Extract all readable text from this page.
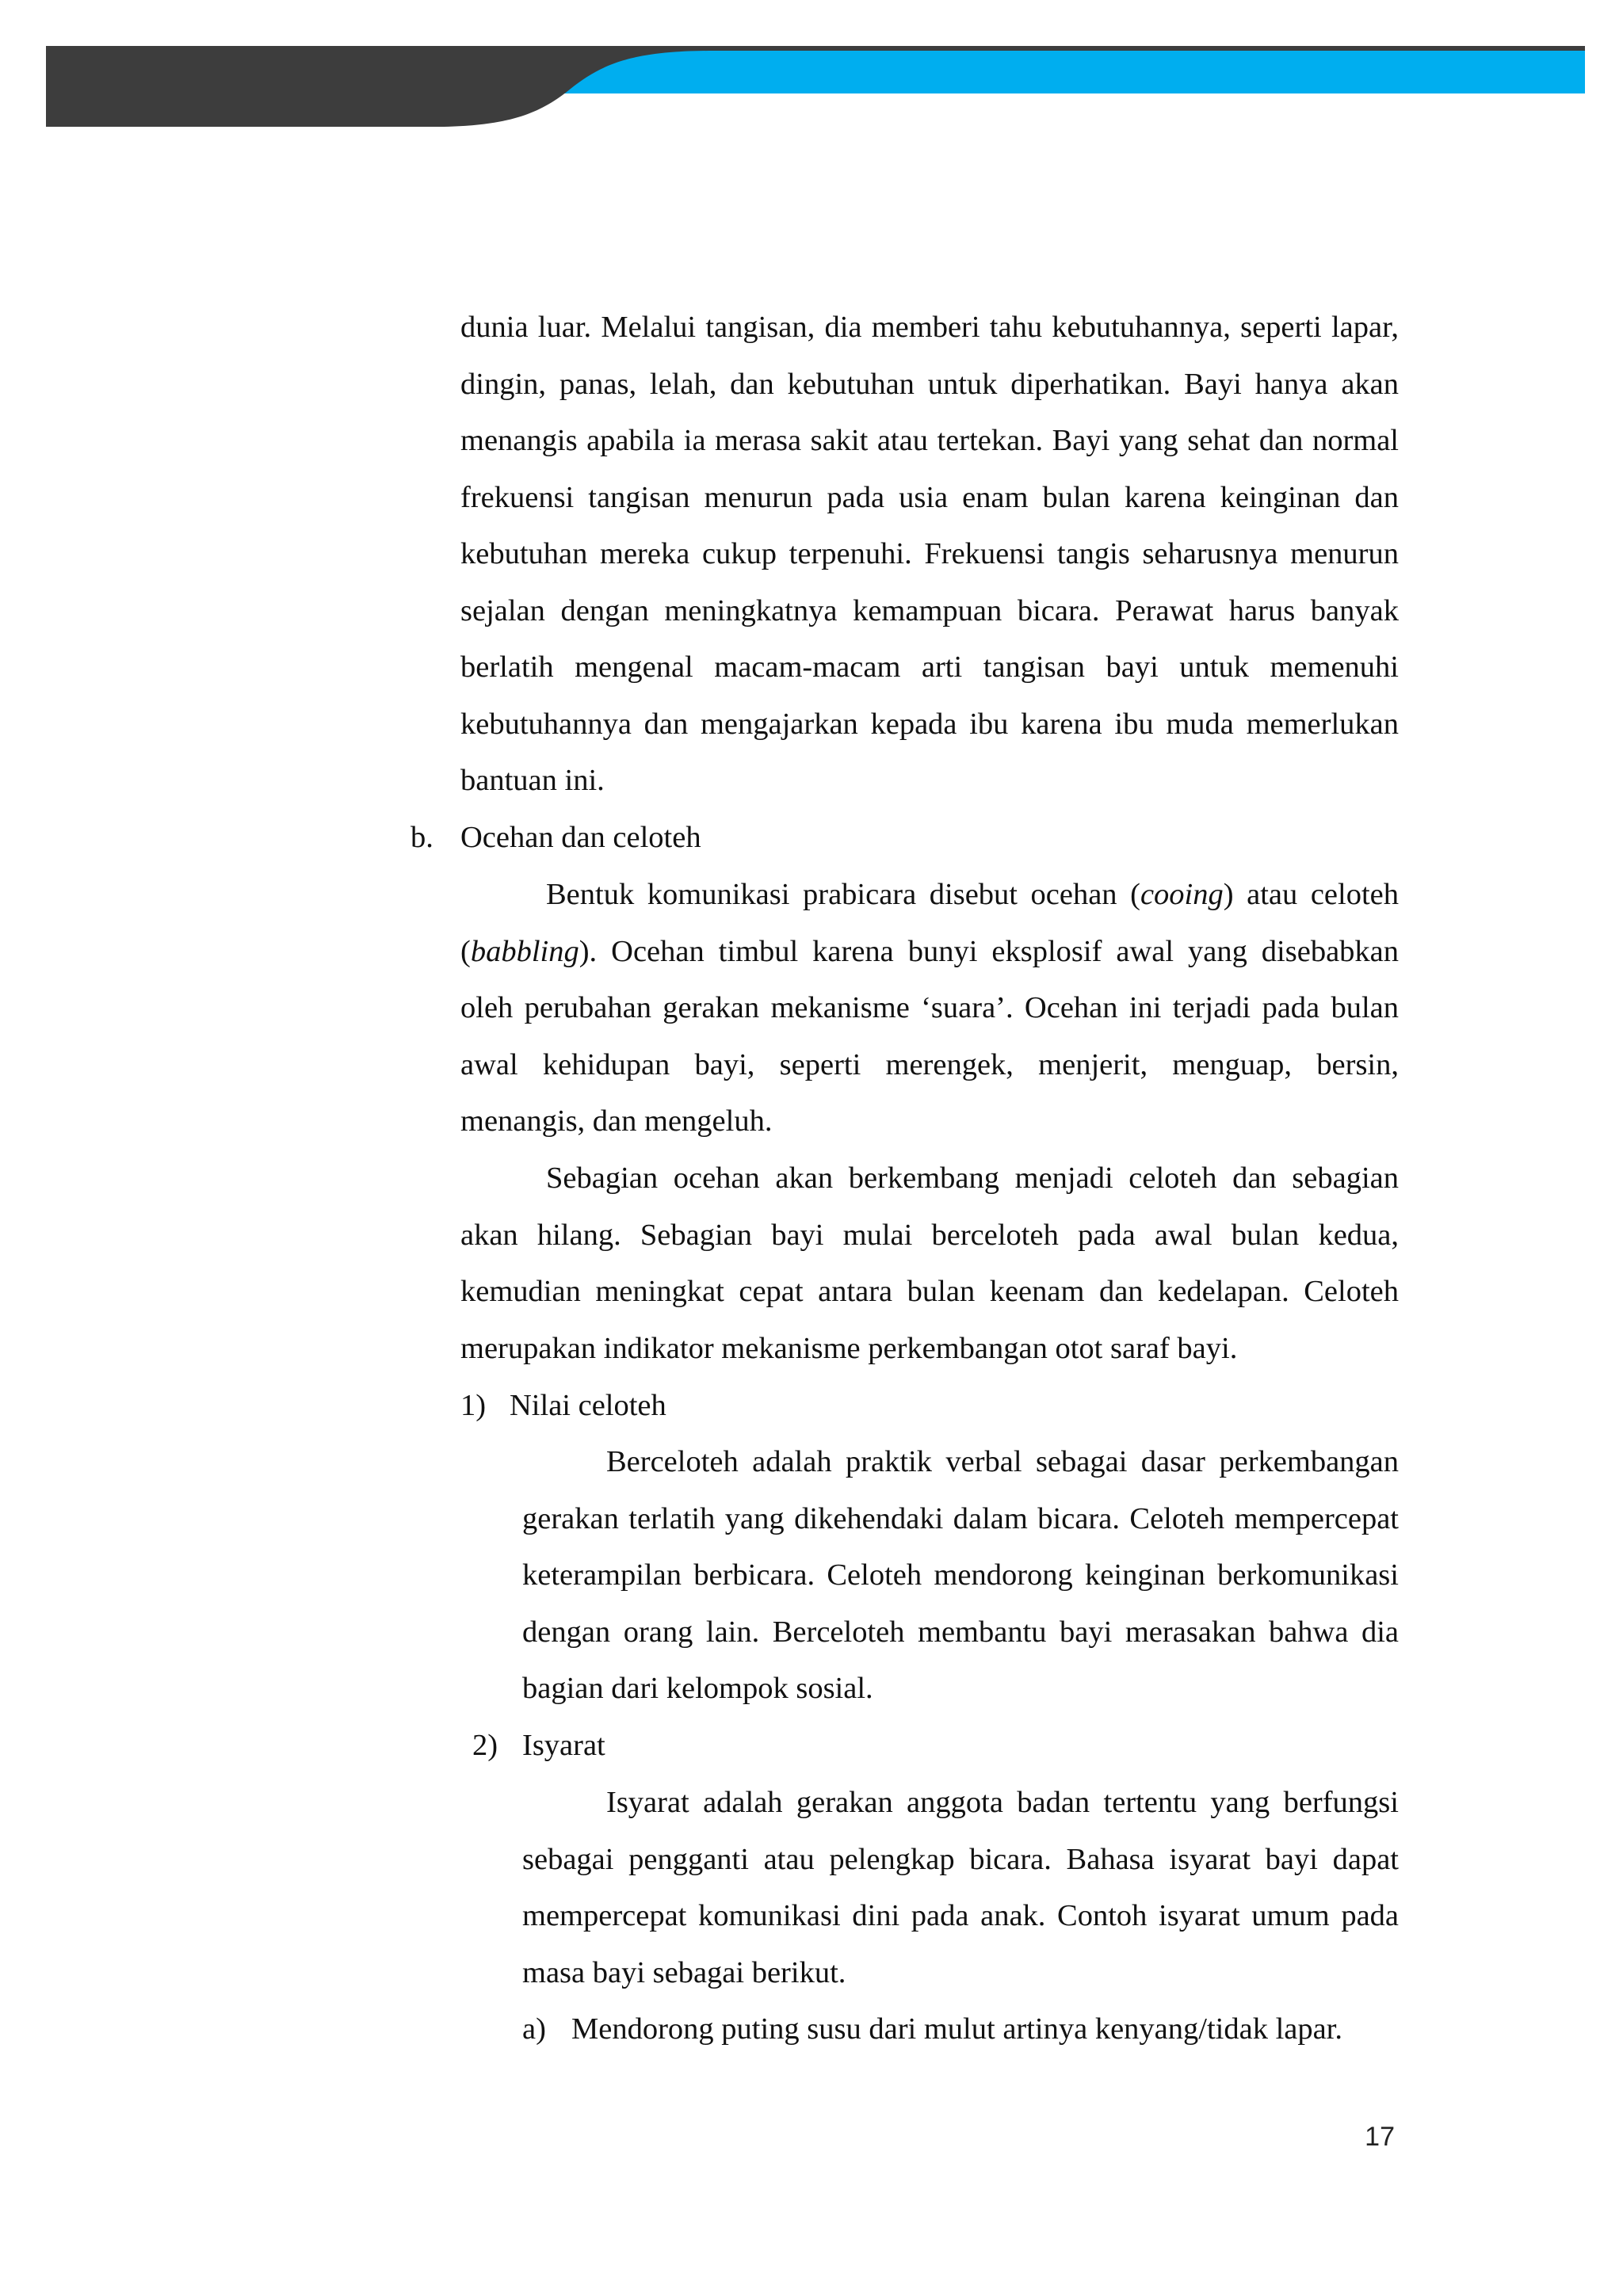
dunia luar. Melalui tangisan, dia memberi tahu kebutuhannya, seperti lapar, dingin, panas, lelah, dan kebutuhan untuk diperhatikan. Bayi hanya akan menangis apabila ia merasa sakit atau tertekan. Bayi yang sehat dan normal frekuensi tangisan menurun pada usia enam bulan karena keinginan dan kebutuhan mereka cukup terpenuhi. Frekuensi tangis seharusnya menurun sejalan dengan meningkatnya kemampuan bicara. Perawat harus banyak berlatih mengenal macam-macam arti tangisan bayi untuk memenuhi kebutuhannya dan mengajarkan kepada ibu karena ibu muda memerlukan bantuan ini.

b. Ocehan dan celoteh

Bentuk komunikasi prabicara disebut ocehan (cooing) atau celoteh (babbling). Ocehan timbul karena bunyi eksplosif awal yang disebabkan oleh perubahan gerakan mekanisme ‘suara’. Ocehan ini terjadi pada bulan awal kehidupan bayi, seperti merengek, menjerit, menguap, bersin, menangis, dan mengeluh.

Sebagian ocehan akan berkembang menjadi celoteh dan sebagian akan hilang. Sebagian bayi mulai berceloteh pada awal bulan kedua, kemudian meningkat cepat antara bulan keenam dan kedelapan. Celoteh merupakan indikator mekanisme perkembangan otot saraf bayi.

1) Nilai celoteh

Berceloteh adalah praktik verbal sebagai dasar perkembangan gerakan terlatih yang dikehendaki dalam bicara. Celoteh mempercepat keterampilan berbicara. Celoteh mendorong keinginan berkomunikasi dengan orang lain. Berceloteh membantu bayi merasakan bahwa dia bagian dari kelompok sosial.

2) Isyarat

Isyarat adalah gerakan anggota badan tertentu yang berfungsi sebagai pengganti atau pelengkap bicara. Bahasa isyarat bayi dapat mempercepat komunikasi dini pada anak. Contoh isyarat umum pada masa bayi sebagai berikut.

a) Mendorong puting susu dari mulut artinya kenyang/tidak lapar.
17
